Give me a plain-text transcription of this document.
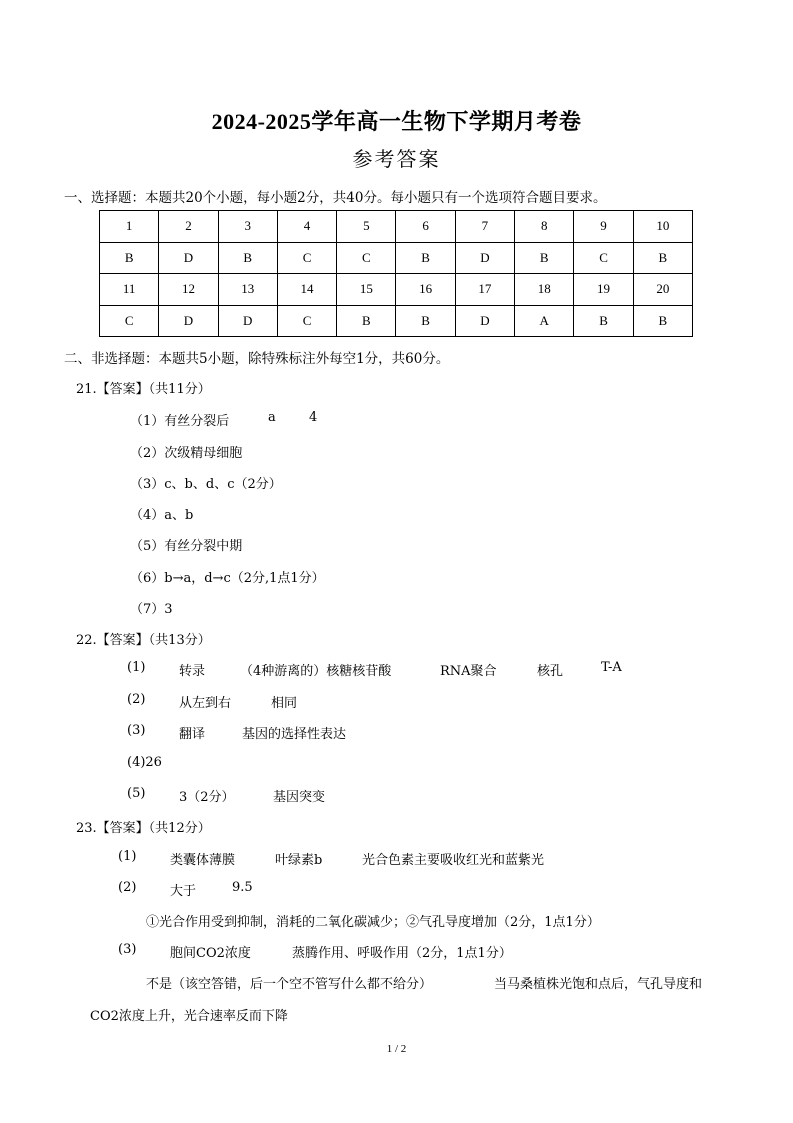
2024-2025学年高一生物下学期月考卷
参考答案
一、选择题：本题共20个小题，每小题2分，共40分。每小题只有一个选项符合题目要求。
1	2	3	4	5	6	7	8	9	10
B	D	B	C	C	B	D	B	C	B
11	12	13	14	15	16	17	18	19	20
C	D	D	C	B	B	D	A	B	B
二、非选择题：本题共5小题，除特殊标注外每空1分，共60分。
21.【答案】（共11分）
（1）有丝分裂后	a	4
（2）次级精母细胞
（3）c、b、d、c（2分）
（4）a、b
（5）有丝分裂中期
（6）b→a，d→c（2分,1点1分）
（7）3
22.【答案】（共13分）
(1)	转录	（4种游离的）核糖核苷酸	RNA聚合	核孔	T-A
(2)	从左到右	相同
(3)	翻译	基因的选择性表达
(4)26
(5)	3（2分）	基因突变
23.【答案】（共12分）
(1)	类囊体薄膜	叶绿素b	光合色素主要吸收红光和蓝紫光
(2)	大于	9.5
①光合作用受到抑制，消耗的二氧化碳减少；②气孔导度增加（2分，1点1分）
(3)	胞间CO2浓度	蒸腾作用、呼吸作用（2分，1点1分）
不是（该空答错，后一个空不管写什么都不给分）	当马桑植株光饱和点后，气孔导度和
CO2浓度上升，光合速率反而下降
1 / 2
